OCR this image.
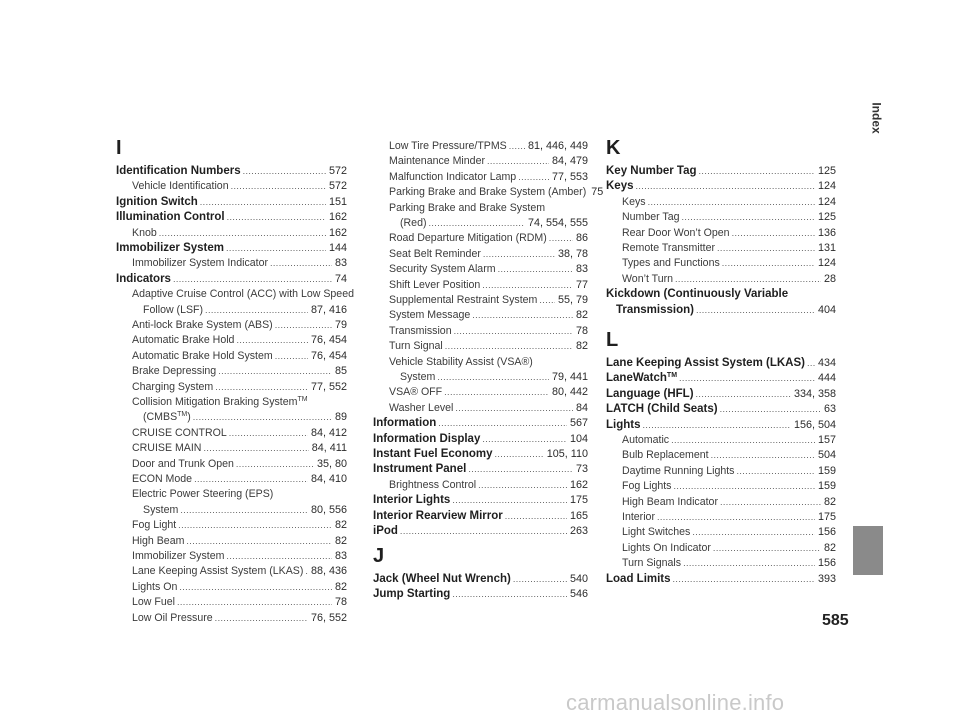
I
Identification Numbers .....	572
Vehicle Identification .....	572
Ignition Switch .....	151
Illumination Control .....	162
Knob .....	162
Immobilizer System .....	144
Immobilizer System Indicator .....	83
Indicators .....	74
Adaptive Cruise Control (ACC) with Low Speed
Follow (LSF) .....	87, 416
Anti-lock Brake System (ABS) .....	79
Automatic Brake Hold .....	76, 454
Automatic Brake Hold System .....	76, 454
Brake Depressing .....	85
Charging System .....	77, 552
Collision Mitigation Braking System™
(CMBS™ ) .....	89
CRUISE CONTROL .....	84, 412
CRUISE MAIN .....	84, 411
Door and Trunk Open .....	35, 80
ECON Mode .....	84, 410
Electric Power Steering (EPS)
System .....	80, 556
Fog Light .....	82
High Beam .....	82
Immobilizer System .....	83
Lane Keeping Assist System (LKAS) ..... 88, 436
Lights On .....	82
Low Fuel .....	78
Low Oil Pressure .....	76, 552
Low Tire Pressure/TPMS ..... 81, 446, 449
Maintenance Minder .....	84, 479
Malfunction Indicator Lamp .....	77, 553
Parking Brake and Brake System (Amber) 75
Parking Brake and Brake System
(Red) .....	74, 554, 555
Road Departure Mitigation (RDM) .....	86
Seat Belt Reminder .....	38, 78
Security System Alarm .....	83
Shift Lever Position .....	77
Supplemental Restraint System ..... 55, 79
System Message .....	82
Transmission .....	78
Turn Signal .....	82
Vehicle Stability Assist (VSA®)
System .....	79, 441
VSA® OFF .....	80, 442
Washer Level .....	84
Information .....	567
Information Display .....	104
Instant Fuel Economy .....	105, 110
Instrument Panel .....	73
Brightness Control .....	162
Interior Lights .....	175
Interior Rearview Mirror .....	165
iPod .....	263
J
Jack (Wheel Nut Wrench) .....	540
Jump Starting .....	546
K
Key Number Tag .....	125
Keys .....	124
Keys .....	124
Number Tag .....	125
Rear Door Won’t Open .....	136
Remote Transmitter .....	131
Types and Functions .....	124
Won’t Turn .....	28
Kickdown (Continuously Variable
Transmission) .....	404
L
Lane Keeping Assist System (LKAS) ..... 434
LaneWatch™ .....	444
Language (HFL) .....	334, 358
LATCH (Child Seats) .....	63
Lights .....	156, 504
Automatic .....	157
Bulb Replacement .....	504
Daytime Running Lights .....	159
Fog Lights .....	159
High Beam Indicator .....	82
Interior .....	175
Light Switches .....	156
Lights On Indicator .....	82
Turn Signals .....	156
Load Limits .....	393
Index
585
carmanualsonline.info
